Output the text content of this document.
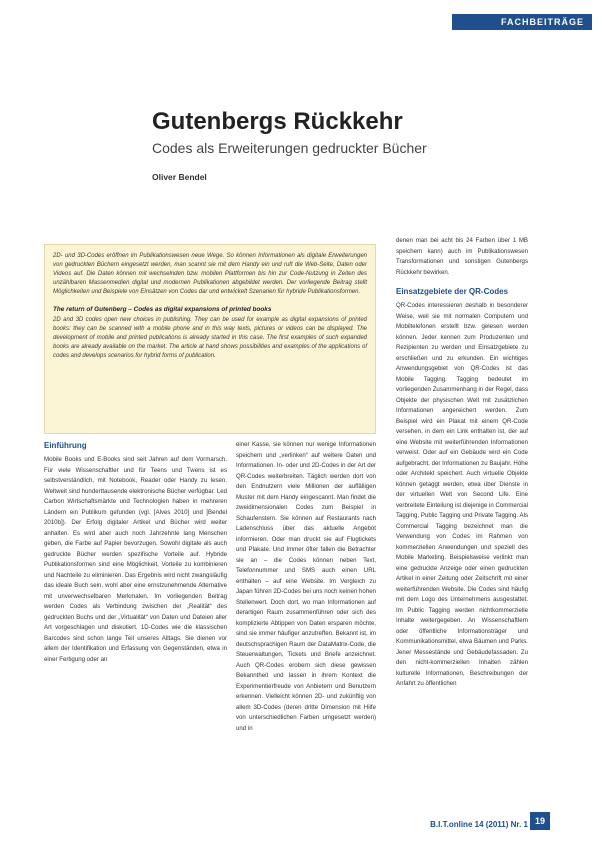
FACHBEITRÄGE
Gutenbergs Rückkehr
Codes als Erweiterungen gedruckter Bücher
Oliver Bendel

2D- und 3D-Codes eröffnen im Publikationswesen neue Wege. So können Informationen als digitale Erweiterungen von gedruckten Büchern eingesetzt werden, man scannt sie mit dem Handy ein und ruft die Web-Seite, Daten oder Videos auf. Die Daten können mit wechselnden bzw. mobilen Plattformen bis hin zur Code-Nutzung in Zeiten des unzählbaren Massenmedien digital und modernen Publikationen abgebildet werden. Der vorliegende Beitrag stellt Möglichkeiten und Beispiele von Einsätzen von Codes dar und entwickelt Szenarien für hybride Publikationsformen.

The return of Gutenberg – Codes as digital expansions of printed books

2D and 3D codes open new choices in publishing. They can be used for example as digital expansions of printed books: they can be scanned with a mobile phone and in this way texts, pictures or videos can be displayed. The development of mobile and printed publications is already started in this case. The first examples of such expanded books are already available on the market. The article at hand shows possibilities and examples of the applications of codes and develops scenarios for hybrid forms of publication.

Einführung

Mobile Books und E-Books sind seit Jahren auf dem Vormarsch. Für viele Wissenschaftler und für Teens und Twens ist es selbstverständlich, mit Notebook, Reader oder Handy zu lesen. Weltweit sind hunderttausende elektronische Bücher verfügbar. Led Carbon Wirtschaftsmärkte und Technologien haben in mehreren Ländern ein Publikum gefunden (vgl. [Alves 2010] und [Bendel 2010b]). Der Erfolg digitaler Artikel und Bücher wird weiter anhalten. Es wird aber auch noch Jahrzehnte lang Menschen geben, die Farbe auf Papier bevorzugen. Sowohl digitale als auch gedruckte Bücher werden spezifische Vorteile auf. Hybride Publikationsformen sind eine Möglichkeit, Vorteile zu kombinieren und Nachteile zu eliminieren. Das Ergebnis wird nicht zwangsläufig das ideale Buch sein, wohl aber eine ernstzunehmende Alternative mit unverwechselbaren Merkmalen. Im vorliegenden Beitrag werden Codes als Verbindung zwischen der „Realität“ des gedruckten Buchs und der „Virtualität“ von Daten und Dateien aller Art vorgeschlagen und diskutiert. 1D-Codes wie die klassischen Barcodes sind schon lange Teil unseres Alltags. Sie dienen vor allem der Identifikation und Erfassung von Gegenständen, etwa in einer Fertigung oder an

einer Kasse, sie können nur wenige Informationen speichern und „verlinken“ auf weitere Daten und Informationen. In- oder und 2D-Codes in der Art der QR-Codes weiterbreiten. Täglich werden dort von den Endnutzern viele Millionen der auffälligen Muster mit dem Handy eingescannt. Man findet die zweidimensionalen Codes zum Beispiel in Schaufenstern. Sie können auf Restaurants nach Ladenschluss über das aktuelle Angebot informieren. Oder man druckt sie auf Flugtickets und Plakate. Und Immer öfter fallen die Betrachter sie an – die Codes können neben Text, Telefonnummer und SMS auch einen URL enthalten – auf eine Website. Im Vergleich zu Japan führen 2D-Codes bei uns noch keinen hohen Stellenwert. Doch dort, wo man Informationen auf derartigen Raum zusammenführen oder sich des komplizierte Abtippen von Daten ersparen möchte, sind sie immer häufiger anzutreffen. Bekannt ist, im deutschsprachigen Raum der DataMatrix-Code, die Steuerwaltungen, Tickets und Briefe anzeichnet. Auch QR-Codes erobern sich diese gewissen Bekanntheit und lassen in ihrem Kontext die Experimentierfreude von Anbietern und Benutzern erkennen. Vielleicht können 2D- und zukünftig von allem 3D-Codes (deren dritte Dimension mit Hilfe von unterschiedlichen Farben umgesetzt werden) und in

denen man bei acht bis 24 Farben über 1 MB speichern kann) auch im Publikationswesen Transformationen und sonstigen Gutenbergs Rückkehr bewirken.

Einsatzgebiete der QR-Codes

QR-Codes interessieren deshalb in besonderer Weise, weil sie mit normalen Computern und Mobiltelefonen erstellt bzw. gelesen werden können. Jeder kennen zum Produzenten und Rezipienten zu werden und Einsatzgebiete zu erschließen und zu erkunden. Ein wichtiges Anwendungsgebiet von QR-Codes ist das Mobile Tagging. Tagging bedeutet im vorliegenden Zusammenhang in der Regel, dass Objekte der physischen Welt mit zusätzlichen Informationen angereichert werden. Zum Beispiel wird ein Plakat mit einem QR-Code versehen, in dem ein Link enthalten ist, der auf eine Website mit weiterführenden Informationen verweist. Oder auf ein Gebäude wird ein Code aufgebracht, der Informationen zu Baujahr, Höhe oder Architekt speichert. Auch virtuelle Objekte können getaggt werden, etwa über Dienste in der virtuellen Welt von Second Life. Eine verbreitete Einteilung ist diejenige in Commercial Tagging, Public Tagging und Private Tagging. Als Commercial Tagging bezeichnet man die Verwendung von Codes im Rahmen von kommerziellen Anwendungen und speziell des Mobile Marketing. Beispielsweise verlinkt man eine gedruckte Anzeige oder einen gedruckten Artikel in einer Zeitung oder Zeitschrift mit einer weiterführenden Website. Die Codes sind häufig mit dem Logo des Unternehmens ausgestattet. Im Public Tagging werden nichtkommerzielle Inhalte weitergegeben. An Wissenschaftlern oder öffentliche Informationsträger und Kommunikationsmittel, etwa Bäumen und Parks. Jener Messestände und Gebäudefassaden. Zu den nicht-kommerziellen Inhalten zählen kulturelle Informationen, Beschreibungen der Anfahrt zu öffentlichen

B.I.T.online 14 (2011) Nr. 1 19
